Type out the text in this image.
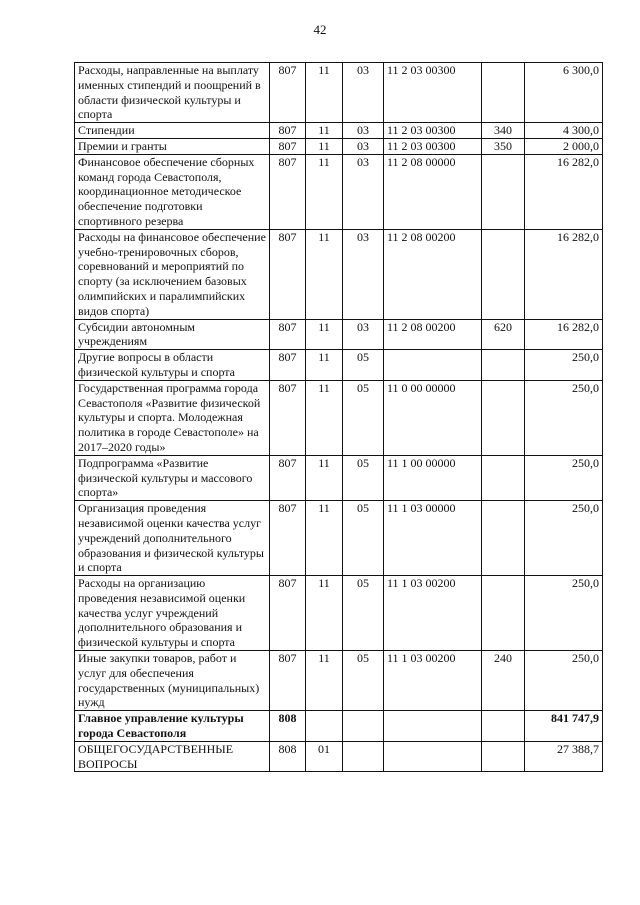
42
Расходы, направленные на выплату именных стипендий и поощрений в области физической культуры и спорта	807	11	03	11 2 03 00300		6 300,0
Стипендии	807	11	03	11 2 03 00300	340	4 300,0
Премии и гранты	807	11	03	11 2 03 00300	350	2 000,0
Финансовое обеспечение сборных команд города Севастополя, координационное методическое обеспечение подготовки спортивного резерва	807	11	03	11 2 08 00000		16 282,0
Расходы на финансовое обеспечение учебно-тренировочных сборов, соревнований и мероприятий по спорту (за исключением базовых олимпийских и паралимпийских видов спорта)	807	11	03	11 2 08 00200		16 282,0
Субсидии автономным учреждениям	807	11	03	11 2 08 00200	620	16 282,0
Другие вопросы в области физической культуры и спорта	807	11	05			250,0
Государственная программа города Севастополя «Развитие физической культуры и спорта. Молодежная политика в городе Севастополе» на 2017–2020 годы»	807	11	05	11 0 00 00000		250,0
Подпрограмма «Развитие физической культуры и массового спорта»	807	11	05	11 1 00 00000		250,0
Организация проведения независимой оценки качества услуг учреждений дополнительного образования и физической культуры и спорта	807	11	05	11 1 03 00000		250,0
Расходы на организацию проведения независимой оценки качества услуг учреждений дополнительного образования и физической культуры и спорта	807	11	05	11 1 03 00200		250,0
Иные закупки товаров, работ и услуг для обеспечения государственных (муниципальных) нужд	807	11	05	11 1 03 00200	240	250,0
Главное управление культуры города Севастополя	808					841 747,9
ОБЩЕГОСУДАРСТВЕННЫЕ ВОПРОСЫ	808	01				27 388,7
